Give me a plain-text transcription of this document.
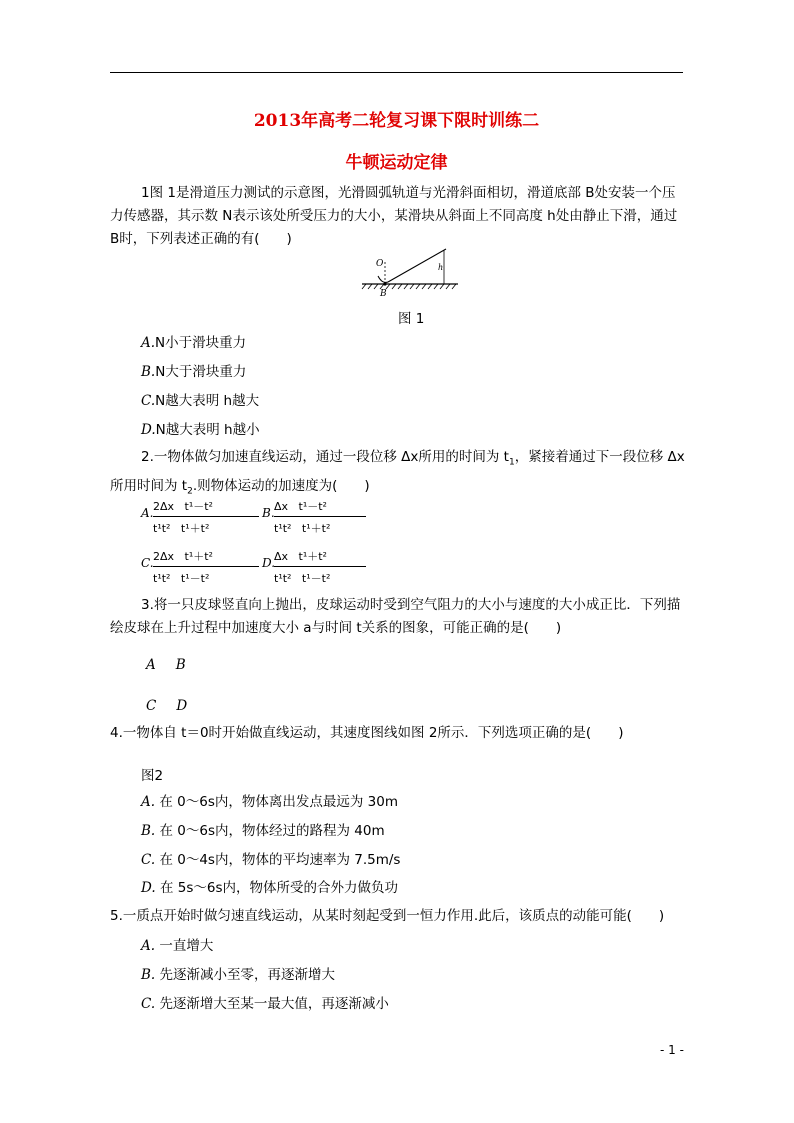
2013年高考二轮复习课下限时训练二
牛顿运动定律

1图 1是滑道压力测试的示意图，光滑圆弧轨道与光滑斜面相切，滑道底部 B处安装一个压力传感器，其示数 N表示该处所受压力的大小，某滑块从斜面上不同高度 h处由静止下滑，通过 B时，下列表述正确的有(　　)

O
B
h
图 1
A.N小于滑块重力
B.N大于滑块重力
C.N越大表明 h越大
D.N越大表明 h越小

2.一物体做匀加速直线运动，通过一段位移 Δx所用的时间为 $t_1$，紧接着通过下一段位移 Δx所用时间为 $t_2$.则物体运动的加速度为(　　)

A. 2Δx   t¹－t²
t¹t²   t¹＋t²
B. Δx   t¹－t²
t¹t²   t¹＋t²
C. 2Δx   t¹＋t²
t¹t²   t¹－t²
D.
Δx   t¹＋t²
t¹t²   t¹－t²

3.将一只皮球竖直向上抛出，皮球运动时受到空气阻力的大小与速度的大小成正比．下列描绘皮球在上升过程中加速度大小 a与时间 t关系的图象，可能正确的是(　　)

A B
C D

4.一物体自 t＝0时开始做直线运动，其速度图线如图 2所示．下列选项正确的是(　　)

图2
A. 在 0～6s内，物体离出发点最远为 30m
B. 在 0～6s内，物体经过的路程为 40m
C. 在 0～4s内，物体的平均速率为 7.5m/s
D. 在 5s～6s内，物体所受的合外力做负功

5.一质点开始时做匀速直线运动，从某时刻起受到一恒力作用.此后，该质点的动能可能(　　)

A. 一直增大
B. 先逐渐减小至零，再逐渐增大
C. 先逐渐增大至某一最大值，再逐渐减小
- 1 -
